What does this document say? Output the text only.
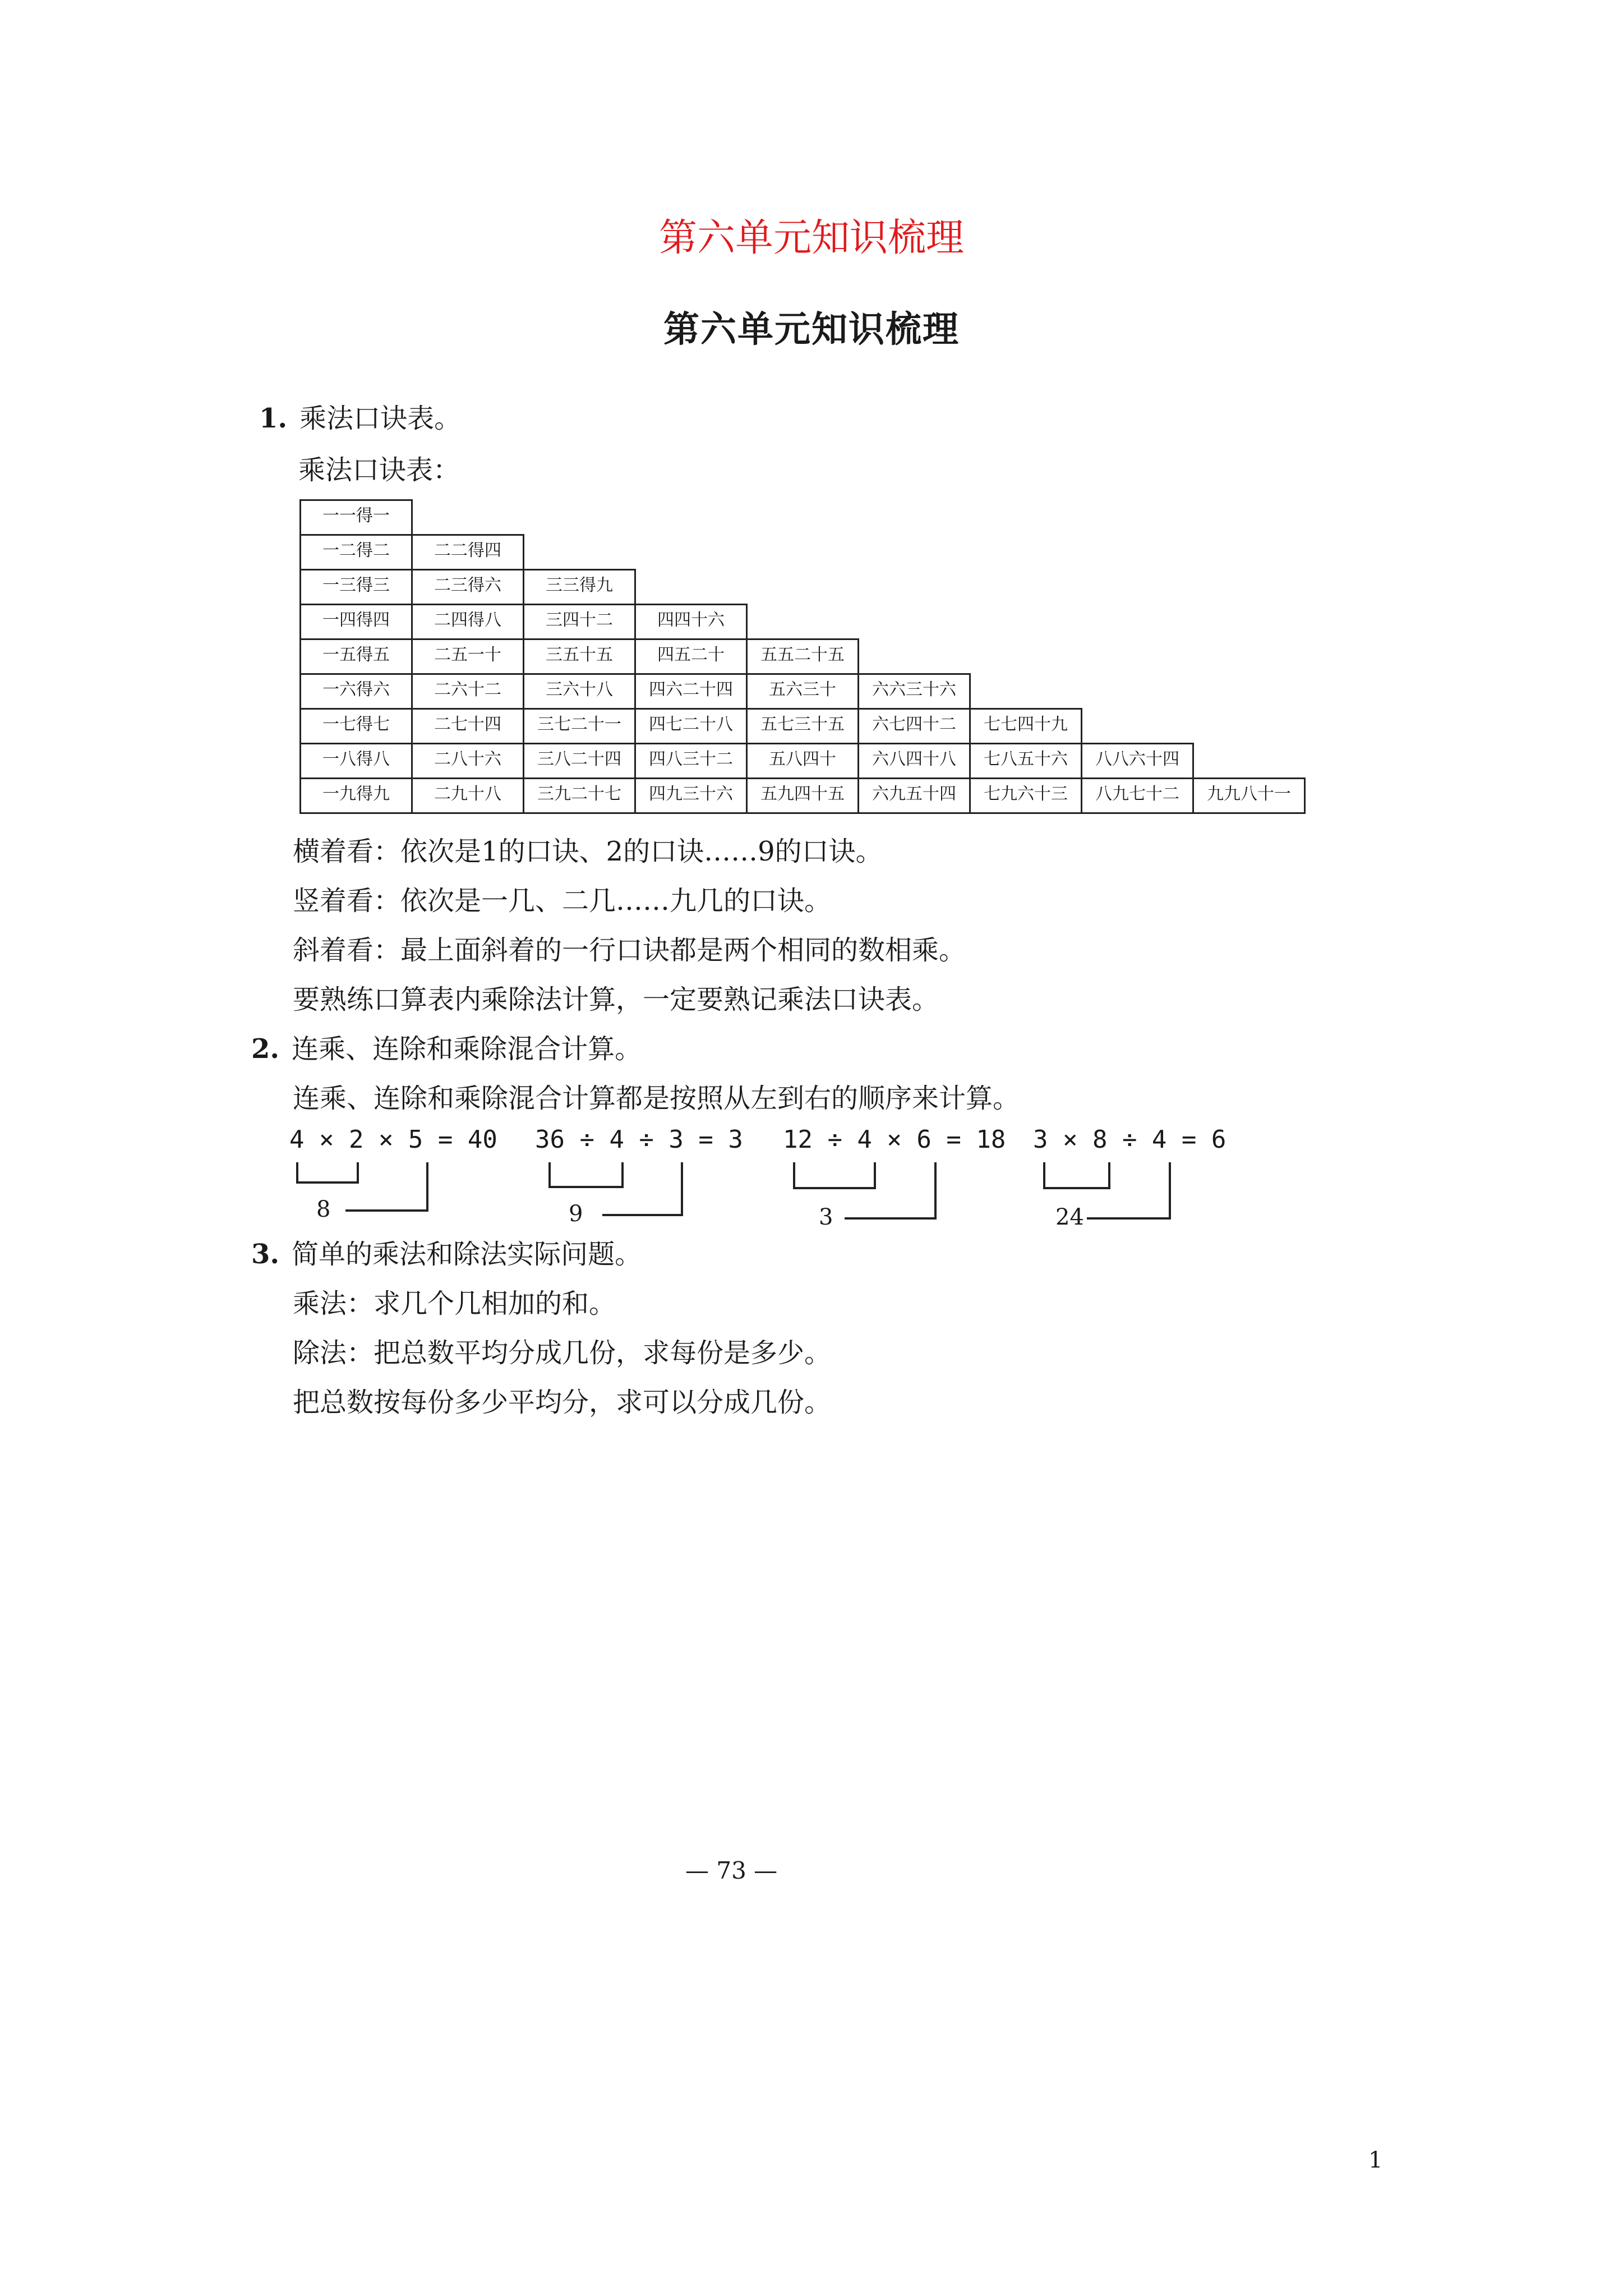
第六单元知识梳理
第六单元知识梳理
1. 乘法口诀表。
乘法口诀表：
一一得一
一二得二	二二得四
一三得三	二三得六	三三得九
一四得四	二四得八	三四十二	四四十六
一五得五	二五一十	三五十五	四五二十	五五二十五
一六得六	二六十二	三六十八	四六二十四	五六三十	六六三十六
一七得七	二七十四	三七二十一	四七二十八	五七三十五	六七四十二	七七四十九
一八得八	二八十六	三八二十四	四八三十二	五八四十	六八四十八	七八五十六	八八六十四
一九得九	二九十八	三九二十七	四九三十六	五九四十五	六九五十四	七九六十三	八九七十二	九九八十一
横着看：依次是1的口诀、2的口诀……9的口诀。
竖着看：依次是一几、二几……九几的口诀。
斜着看：最上面斜着的一行口诀都是两个相同的数相乘。
要熟练口算表内乘除法计算，一定要熟记乘法口诀表。
2. 连乘、连除和乘除混合计算。
连乘、连除和乘除混合计算都是按照从左到右的顺序来计算。
4 × 2 × 5 = 40
8
36 ÷ 4 ÷ 3 = 3
9
12 ÷ 4 × 6 = 18
3
3 × 8 ÷ 4 = 6
24
3. 简单的乘法和除法实际问题。
乘法：求几个几相加的和。
除法：把总数平均分成几份，求每份是多少。
把总数按每份多少平均分，求可以分成几份。
— 73 —
1
